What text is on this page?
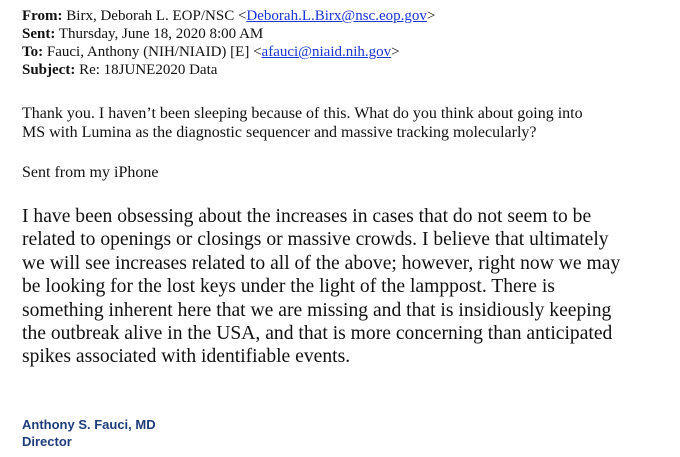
From: Birx, Deborah L. EOP/NSC <Deborah.L.Birx@nsc.eop.gov>
Sent: Thursday, June 18, 2020 8:00 AM
To: Fauci, Anthony (NIH/NIAID) [E] <afauci@niaid.nih.gov>
Subject: Re: 18JUNE2020 Data
Thank you. I haven’t been sleeping because of this. What do you think about going into
MS with Lumina as the diagnostic sequencer and massive tracking molecularly?
Sent from my iPhone
I have been obsessing about the increases in cases that do not seem to be
related to openings or closings or massive crowds. I believe that ultimately
we will see increases related to all of the above; however, right now we may
be looking for the lost keys under the light of the lamppost. There is
something inherent here that we are missing and that is insidiously keeping
the outbreak alive in the USA, and that is more concerning than anticipated
spikes associated with identifiable events.
Anthony S. Fauci, MD
Director
